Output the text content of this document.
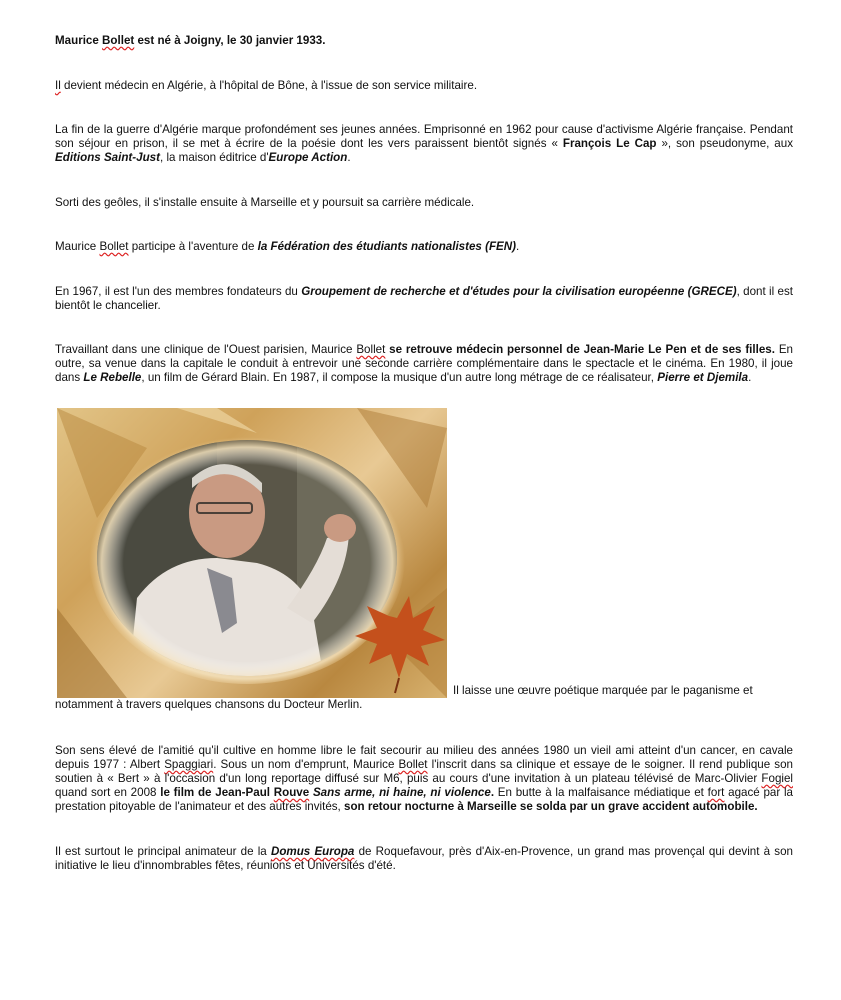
Maurice Bollet est né à Joigny, le 30 janvier 1933.

Il devient médecin en Algérie, à l'hôpital de Bône, à l'issue de son service militaire.

La fin de la guerre d'Algérie marque profondément ses jeunes années. Emprisonné en 1962 pour cause d'activisme Algérie française. Pendant son séjour en prison, il se met à écrire de la poésie dont les vers paraissent bientôt signés « François Le Cap », son pseudonyme, aux Editions Saint-Just, la maison éditrice d'Europe Action.

Sorti des geôles, il s'installe ensuite à Marseille et y poursuit sa carrière médicale.

Maurice Bollet participe à l'aventure de la Fédération des étudiants nationalistes (FEN).

En 1967, il est l'un des membres fondateurs du Groupement de recherche et d'études pour la civilisation européenne (GRECE), dont il est bientôt le chancelier.

Travaillant dans une clinique de l'Ouest parisien, Maurice Bollet se retrouve médecin personnel de Jean-Marie Le Pen et de ses filles. En outre, sa venue dans la capitale le conduit à entrevoir une seconde carrière complémentaire dans le spectacle et le cinéma. En 1980, il joue dans Le Rebelle, un film de Gérard Blain. En 1987, il compose la musique d'un autre long métrage de ce réalisateur, Pierre et Djemila.

Il laisse une œuvre poétique marquée par le paganisme et

notamment à travers quelques chansons du Docteur Merlin.

Son sens élevé de l'amitié qu'il cultive en homme libre le fait secourir au milieu des années 1980 un vieil ami atteint d'un cancer, en cavale depuis 1977 : Albert Spaggiari. Sous un nom d'emprunt, Maurice Bollet l'inscrit dans sa clinique et essaye de le soigner. Il rend publique son soutien à « Bert » à l'occasion d'un long reportage diffusé sur M6, puis au cours d'une invitation à un plateau télévisé de Marc-Olivier Fogiel quand sort en 2008 le film de Jean-Paul Rouve Sans arme, ni haine, ni violence. En butte à la malfaisance médiatique et fort agacé par la prestation pitoyable de l'animateur et des autres invités, son retour nocturne à Marseille se solda par un grave accident automobile.

Il est surtout le principal animateur de la Domus Europa de Roquefavour, près d'Aix-en-Provence, un grand mas provençal qui devint à son initiative le lieu d'innombrables fêtes, réunions et Universités d'été.
